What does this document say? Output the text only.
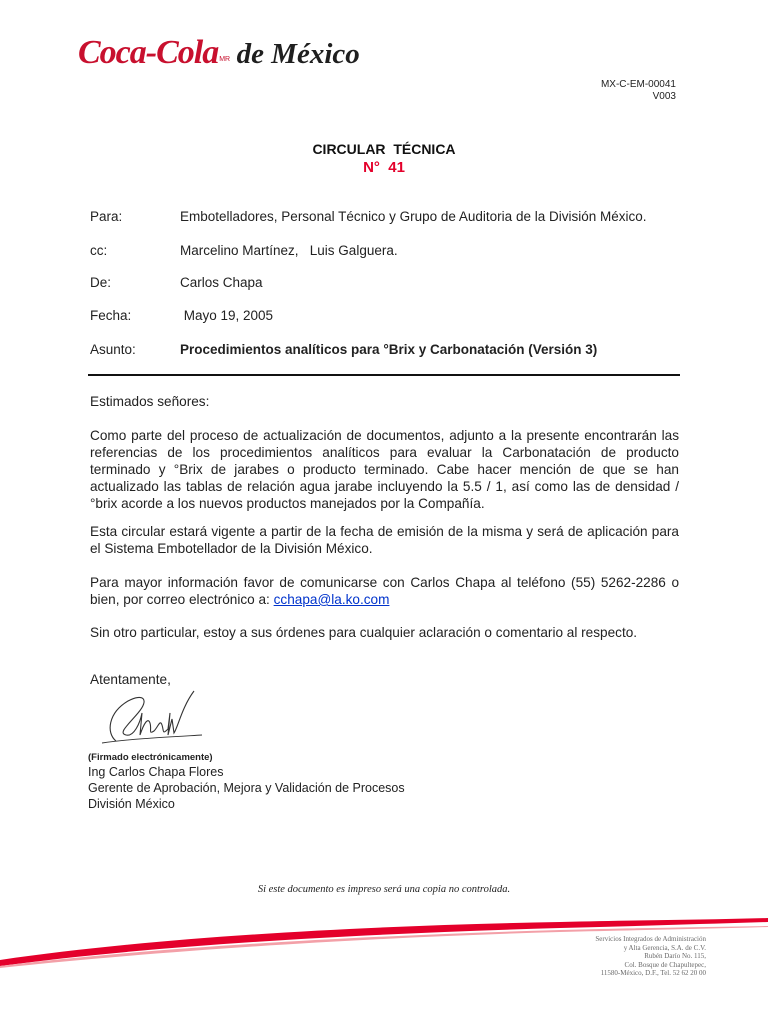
Coca-ColaMR de México
MX-C-EM-00041
V003
CIRCULAR  TÉCNICA
N°  41
Para:	Embotelladores, Personal Técnico y Grupo de Auditoria de la División México.
cc:	Marcelino Martínez,   Luis Galguera.
De:	Carlos Chapa
Fecha:	Mayo 19, 2005
Asunto:	Procedimientos analíticos para °Brix y Carbonatación (Versión 3)
Estimados señores:
Como parte del proceso de actualización de documentos, adjunto a la presente encontrarán las referencias de los procedimientos analíticos para evaluar la Carbonatación de producto terminado y °Brix de jarabes o producto terminado. Cabe hacer mención de que se han actualizado las tablas de relación agua jarabe incluyendo la 5.5 / 1, así como las de densidad / °brix acorde a los nuevos productos manejados por la Compañía.
Esta circular estará vigente a partir de la fecha de emisión de la misma y será de aplicación para el Sistema Embotellador de la División México.
Para mayor información favor de comunicarse con Carlos Chapa al teléfono (55) 5262-2286 o bien, por correo electrónico a: cchapa@la.ko.com
Sin otro particular, estoy a sus órdenes para cualquier aclaración o comentario al respecto.
Atentamente,
(Firmado electrónicamente)
Ing Carlos Chapa Flores
Gerente de Aprobación, Mejora y Validación de Procesos
División México
Si este documento es impreso será una copia no controlada.
Servicios Integrados de Administración
y Alta Gerencia, S.A. de C.V.
Rubén Darío No. 115,
Col. Bosque de Chapultepec,
11580-México, D.F., Tel. 52 62 20 00
